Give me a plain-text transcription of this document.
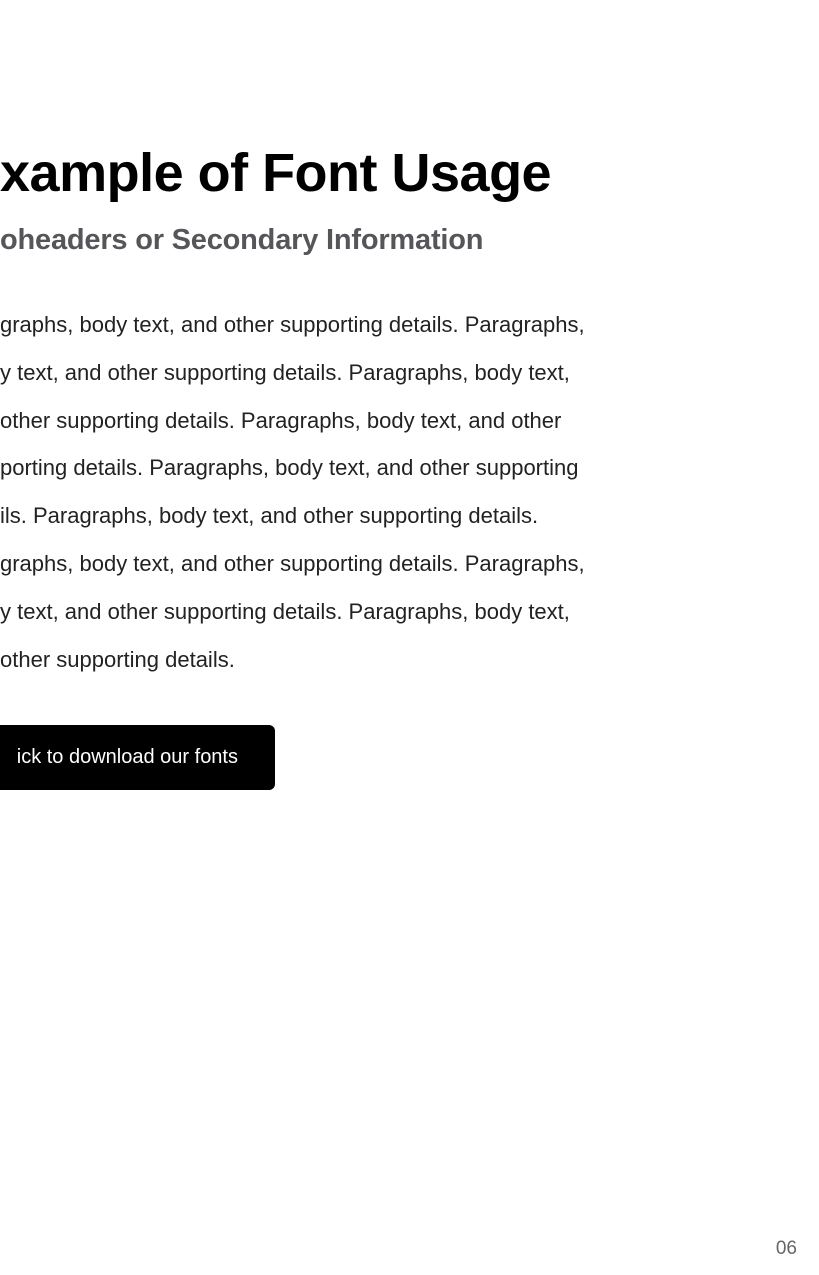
xample of Font Usage
oheaders or Secondary Information
graphs, body text, and other supporting details. Paragraphs,
y text, and other supporting details. Paragraphs, body text,
other supporting details. Paragraphs, body text, and other
porting details. Paragraphs, body text, and other supporting
ils. Paragraphs, body text, and other supporting details.
graphs, body text, and other supporting details. Paragraphs,
y text, and other supporting details. Paragraphs, body text,
other supporting details.
ick to download our fonts
06
